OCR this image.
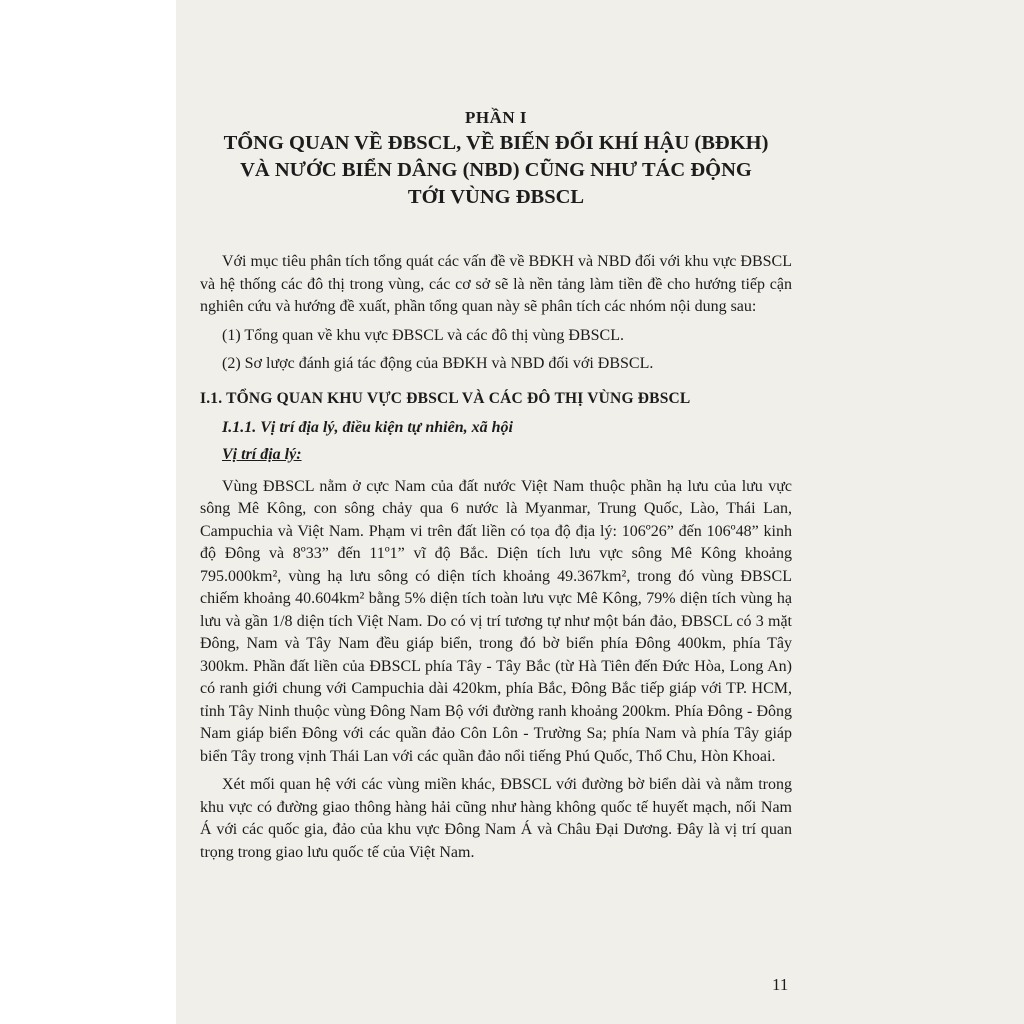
PHẦN I

TỔNG QUAN VỀ ĐBSCL, VỀ BIẾN ĐỔI KHÍ HẬU (BĐKH)
VÀ NƯỚC BIỂN DÂNG (NBD) CŨNG NHƯ TÁC ĐỘNG
TỚI VÙNG ĐBSCL

Với mục tiêu phân tích tổng quát các vấn đề về BĐKH và NBD đối với khu vực ĐBSCL và hệ thống các đô thị trong vùng, các cơ sở sẽ là nền tảng làm tiền đề cho hướng tiếp cận nghiên cứu và hướng đề xuất, phần tổng quan này sẽ phân tích các nhóm nội dung sau:

(1) Tổng quan về khu vực ĐBSCL và các đô thị vùng ĐBSCL.

(2) Sơ lược đánh giá tác động của BĐKH và NBD đối với ĐBSCL.

I.1. TỔNG QUAN KHU VỰC ĐBSCL VÀ CÁC ĐÔ THỊ VÙNG ĐBSCL
I.1.1. Vị trí địa lý, điều kiện tự nhiên, xã hội

Vị trí địa lý:

Vùng ĐBSCL nằm ở cực Nam của đất nước Việt Nam thuộc phần hạ lưu của lưu vực sông Mê Kông, con sông chảy qua 6 nước là Myanmar, Trung Quốc, Lào, Thái Lan, Campuchia và Việt Nam. Phạm vi trên đất liền có tọa độ địa lý: 106º26” đến 106º48” kinh độ Đông và 8º33” đến 11º1” vĩ độ Bắc. Diện tích lưu vực sông Mê Kông khoảng 795.000km², vùng hạ lưu sông có diện tích khoảng 49.367km², trong đó vùng ĐBSCL chiếm khoảng 40.604km² bằng 5% diện tích toàn lưu vực Mê Kông, 79% diện tích vùng hạ lưu và gần 1/8 diện tích Việt Nam. Do có vị trí tương tự như một bán đảo, ĐBSCL có 3 mặt Đông, Nam và Tây Nam đều giáp biển, trong đó bờ biển phía Đông 400km, phía Tây 300km. Phần đất liền của ĐBSCL phía Tây - Tây Bắc (từ Hà Tiên đến Đức Hòa, Long An) có ranh giới chung với Campuchia dài 420km, phía Bắc, Đông Bắc tiếp giáp với TP. HCM, tỉnh Tây Ninh thuộc vùng Đông Nam Bộ với đường ranh khoảng 200km. Phía Đông - Đông Nam giáp biển Đông với các quần đảo Côn Lôn - Trường Sa; phía Nam và phía Tây giáp biển Tây trong vịnh Thái Lan với các quần đảo nổi tiếng Phú Quốc, Thổ Chu, Hòn Khoai.

Xét mối quan hệ với các vùng miền khác, ĐBSCL với đường bờ biển dài và nằm trong khu vực có đường giao thông hàng hải cũng như hàng không quốc tế huyết mạch, nối Nam Á với các quốc gia, đảo của khu vực Đông Nam Á và Châu Đại Dương. Đây là vị trí quan trọng trong giao lưu quốc tế của Việt Nam.

11
